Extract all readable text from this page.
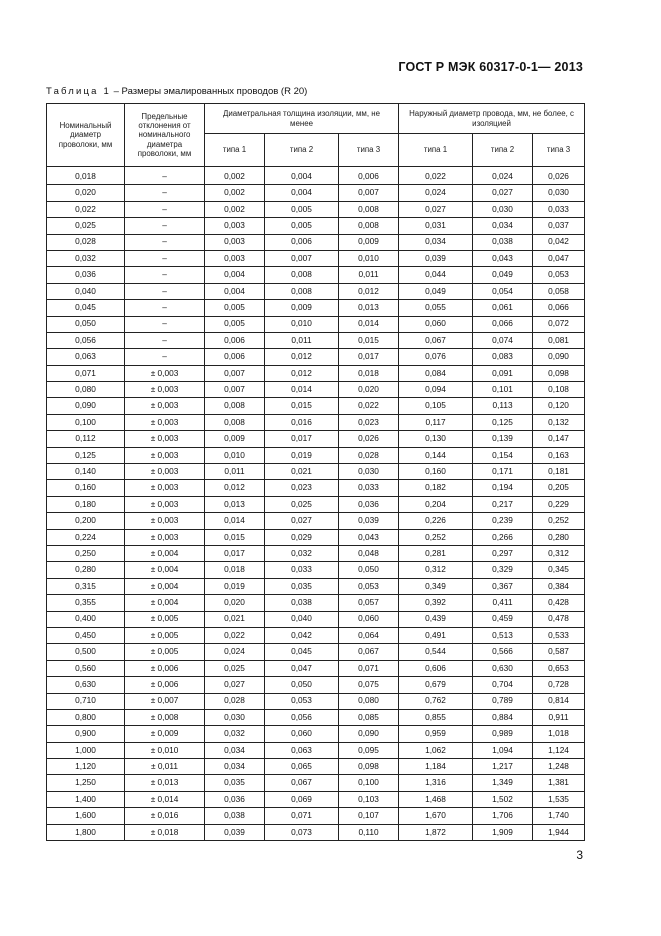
ГОСТ Р МЭК 60317-0-1— 2013
Таблица 1 – Размеры эмалированных проводов (R 20)
Номинальный диаметр проволоки, мм	Предельные отклонения от номинального диаметра проволоки, мм	Диаметральная толщина изоляции, мм, не менее			Наружный диаметр провода, мм, не более, с изоляцией		
		типа 1	типа 2	типа 3	типа 1	типа 2	типа 3
0,018	–	0,002	0,004	0,006	0,022	0,024	0,026
0,020	–	0,002	0,004	0,007	0,024	0,027	0,030
0,022	–	0,002	0,005	0,008	0,027	0,030	0,033
0,025	–	0,003	0,005	0,008	0,031	0,034	0,037
0,028	–	0,003	0,006	0,009	0,034	0,038	0,042
0,032	–	0,003	0,007	0,010	0,039	0,043	0,047
0,036	–	0,004	0,008	0,011	0,044	0,049	0,053
0,040	–	0,004	0,008	0,012	0,049	0,054	0,058
0,045	–	0,005	0,009	0,013	0,055	0,061	0,066
0,050	–	0,005	0,010	0,014	0,060	0,066	0,072
0,056	–	0,006	0,011	0,015	0,067	0,074	0,081
0,063	–	0,006	0,012	0,017	0,076	0,083	0,090
0,071	± 0,003	0,007	0,012	0,018	0,084	0,091	0,098
0,080	± 0,003	0,007	0,014	0,020	0,094	0,101	0,108
0,090	± 0,003	0,008	0,015	0,022	0,105	0,113	0,120
0,100	± 0,003	0,008	0,016	0,023	0,117	0,125	0,132
0,112	± 0,003	0,009	0,017	0,026	0,130	0,139	0,147
0,125	± 0,003	0,010	0,019	0,028	0,144	0,154	0,163
0,140	± 0,003	0,011	0,021	0,030	0,160	0,171	0,181
0,160	± 0,003	0,012	0,023	0,033	0,182	0,194	0,205
0,180	± 0,003	0,013	0,025	0,036	0,204	0,217	0,229
0,200	± 0,003	0,014	0,027	0,039	0,226	0,239	0,252
0,224	± 0,003	0,015	0,029	0,043	0,252	0,266	0,280
0,250	± 0,004	0,017	0,032	0,048	0,281	0,297	0,312
0,280	± 0,004	0,018	0,033	0,050	0,312	0,329	0,345
0,315	± 0,004	0,019	0,035	0,053	0,349	0,367	0,384
0,355	± 0,004	0,020	0,038	0,057	0,392	0,411	0,428
0,400	± 0,005	0,021	0,040	0,060	0,439	0,459	0,478
0,450	± 0,005	0,022	0,042	0,064	0,491	0,513	0,533
0,500	± 0,005	0,024	0,045	0,067	0,544	0,566	0,587
0,560	± 0,006	0,025	0,047	0,071	0,606	0,630	0,653
0,630	± 0,006	0,027	0,050	0,075	0,679	0,704	0,728
0,710	± 0,007	0,028	0,053	0,080	0,762	0,789	0,814
0,800	± 0,008	0,030	0,056	0,085	0,855	0,884	0,911
0,900	± 0,009	0,032	0,060	0,090	0,959	0,989	1,018
1,000	± 0,010	0,034	0,063	0,095	1,062	1,094	1,124
1,120	± 0,011	0,034	0,065	0,098	1,184	1,217	1,248
1,250	± 0,013	0,035	0,067	0,100	1,316	1,349	1,381
1,400	± 0,014	0,036	0,069	0,103	1,468	1,502	1,535
1,600	± 0,016	0,038	0,071	0,107	1,670	1,706	1,740
1,800	± 0,018	0,039	0,073	0,110	1,872	1,909	1,944
3
